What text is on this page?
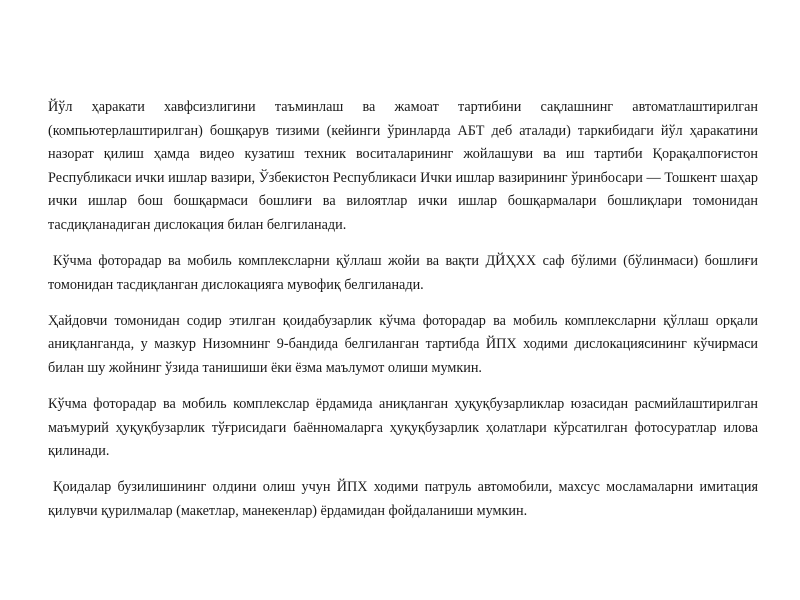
Йўл ҳаракати хавфсизлигини таъминлаш ва жамоат тартибини сақлашнинг автоматлаштирилган (компьютерлаштирилган) бошқарув тизими (кейинги ўринларда АБТ деб аталади) таркибидаги йўл ҳаракатини назорат қилиш ҳамда видео кузатиш техник воситаларининг жойлашуви ва иш тартиби Қорақалпоғистон Республикаси ички ишлар вазири, Ўзбекистон Республикаси Ички ишлар вазирининг ўринбосари — Тошкент шаҳар ички ишлар бош бошқармаси бошлиғи ва вилоятлар ички ишлар бошқармалари бошлиқлари томонидан тасдиқланадиган дислокация билан белгиланади.

Кўчма фоторадар ва мобиль комплексларни қўллаш жойи ва вақти ДЙҲХХ саф бўлими (бўлинмаси) бошлиғи томонидан тасдиқланган дислокацияга мувофиқ белгиланади.

Ҳайдовчи томонидан содир этилган қоидабузарлик кўчма фоторадар ва мобиль комплексларни қўллаш орқали аниқланганда, у мазкур Низомнинг 9-бандида белгиланган тартибда ЙПХ ходими дислокациясининг кўчирмаси билан шу жойнинг ўзида танишиши ёки ёзма маълумот олиши мумкин.

Кўчма фоторадар ва мобиль комплекслар ёрдамида аниқланган ҳуқуқбузарликлар юзасидан расмийлаштирилган маъмурий ҳуқуқбузарлик тўғрисидаги баённомаларга ҳуқуқбузарлик ҳолатлари кўрсатилган фотосуратлар илова қилинади.

Қоидалар бузилишининг олдини олиш учун ЙПХ ходими патруль автомобили, махсус мосламаларни имитация қилувчи қурилмалар (макетлар, манекенлар) ёрдамидан фойдаланиши мумкин.
